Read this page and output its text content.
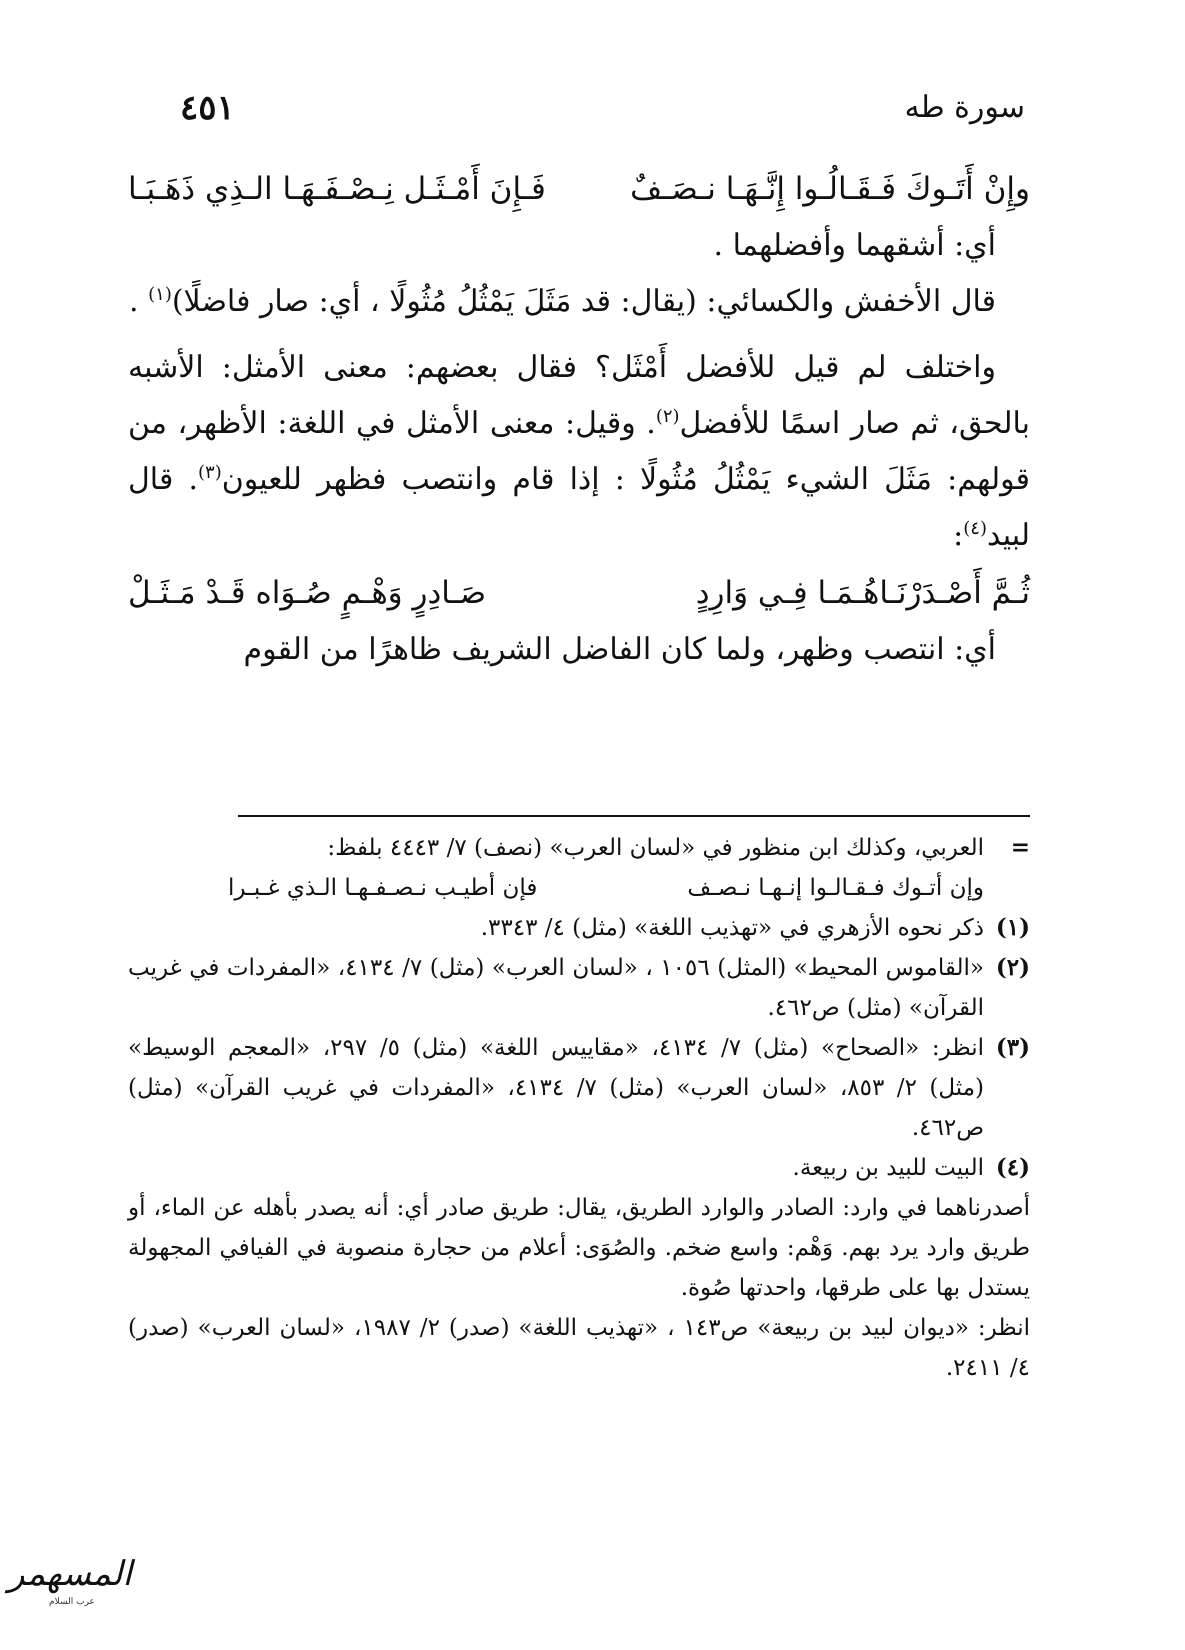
٤٥١	سورة طه
وإِنْ أَتَـوكَ فَـقَـالُـوا إِنَّـهَـا نـصَـفٌ
فَـإِنَ أَمْـثَـل نِـصْـفَـهَـا الـذِي ذَهَـبَـا

أي: أشقهما وأفضلهما .

قال الأخفش والكسائي: (يقال: قد مَثَلَ يَمْثُلُ مُثُولًا ، أي: صار فاضلًا)$^{(١)}$ .

واختلف لم قيل للأفضل أَمْثَل؟ فقال بعضهم: معنى الأمثل: الأشبه بالحق، ثم صار اسمًا للأفضل$^{(٢)}$. وقيل: معنى الأمثل في اللغة: الأظهر، من قولهم: مَثَلَ الشيء يَمْثُلُ مُثُولًا : إذا قام وانتصب فظهر للعيون$^{(٣)}$. قال لبيد$^{(٤)}$:

ثُـمَّ أَصْـدَرْنَـاهُـمَـا فِـي وَارِدٍ
صَـادِرٍ وَهْـمٍ صُـوَاه قَـدْ مَـثَـلْ

أي: انتصب وظهر، ولما كان الفاضل الشريف ظاهرًا من القوم

=
العربي، وكذلك ابن منظور في «لسان العرب» (نصف) ٧/ ٤٤٤٣ بلفظ:
وإن أتـوك فـقـالـوا إنـهـا نـصـف
فإن أطيـب نـصـفـهـا الـذي غـبـرا
(١)
ذكر نحوه الأزهري في «تهذيب اللغة» (مثل) ٤/ ٣٣٤٣.
(٢)
«القاموس المحيط» (المثل) ١٠٥٦ ، «لسان العرب» (مثل) ٧/ ٤١٣٤، «المفردات في غريب القرآن» (مثل) ص٤٦٢.
(٣)
انظر: «الصحاح» (مثل) ٧/ ٤١٣٤، «مقاييس اللغة» (مثل) ٥/ ٢٩٧، «المعجم الوسيط» (مثل) ٢/ ٨٥٣، «لسان العرب» (مثل) ٧/ ٤١٣٤، «المفردات في غريب القرآن» (مثل) ص٤٦٢.
(٤)
البيت للبيد بن ربيعة.
أصدرناهما في وارد: الصادر والوارد الطريق، يقال: طريق صادر أي: أنه يصدر بأهله عن الماء، أو طريق وارد يرد بهم. وَهْم: واسع ضخم. والصُوَى: أعلام من حجارة منصوبة في الفيافي المجهولة يستدل بها على طرقها، واحدتها صُوة.
انظر: «ديوان لبيد بن ربيعة» ص١٤٣ ، «تهذيب اللغة» (صدر) ٢/ ١٩٨٧، «لسان العرب» (صدر) ٤/ ٢٤١١.
المسهمر
عرب السلام
